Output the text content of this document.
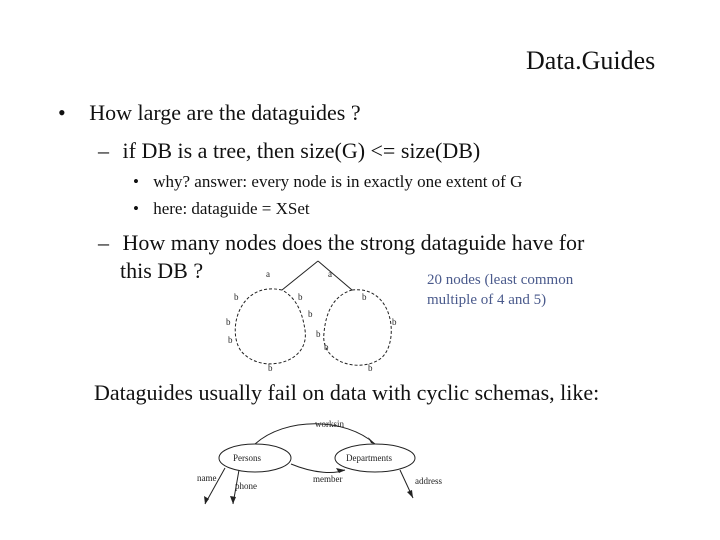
Data.Guides
• How large are the dataguides ?
– if DB is a tree, then size(G) <= size(DB)
• why? answer: every node is in exactly one extent of G
• here: dataguide = XSet
– How many nodes does the strong dataguide have for
this DB ?	a	a
b	b	b
b
b
b
b
b
b
b	b
20 nodes (least common
multiple of 4 and 5)
Dataguides usually fail on data with cyclic schemas, like:
Persons	Departments
worksin
member
name
phone	address
